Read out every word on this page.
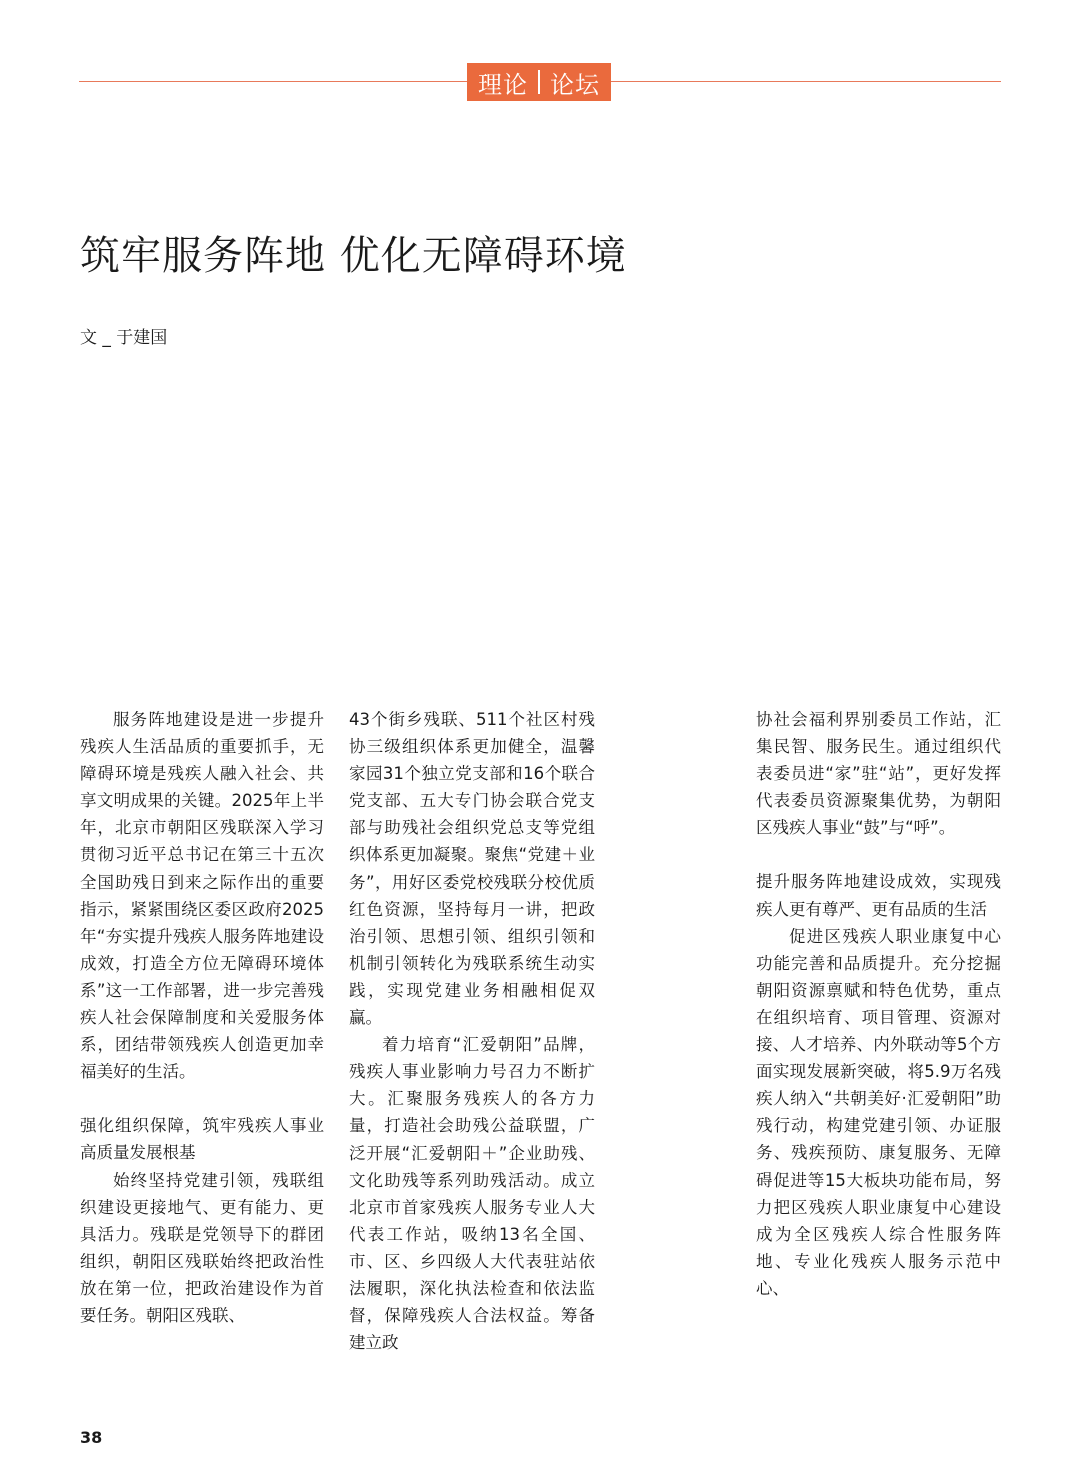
理论 论坛
筑牢服务阵地 优化无障碍环境
文 _ 于建国

服务阵地建设是进一步提升残疾人生活品质的重要抓手，无障碍环境是残疾人融入社会、共享文明成果的关键。2025年上半年，北京市朝阳区残联深入学习贯彻习近平总书记在第三十五次全国助残日到来之际作出的重要指示，紧紧围绕区委区政府2025年“夯实提升残疾人服务阵地建设成效，打造全方位无障碍环境体系”这一工作部署，进一步完善残疾人社会保障制度和关爱服务体系，团结带领残疾人创造更加幸福美好的生活。

强化组织保障，筑牢残疾人事业高质量发展根基

始终坚持党建引领，残联组织建设更接地气、更有能力、更具活力。残联是党领导下的群团组织，朝阳区残联始终把政治性放在第一位，把政治建设作为首要任务。朝阳区残联、

43个街乡残联、511个社区村残协三级组织体系更加健全，温馨家园31个独立党支部和16个联合党支部、五大专门协会联合党支部与助残社会组织党总支等党组织体系更加凝聚。聚焦“党建＋业务”，用好区委党校残联分校优质红色资源，坚持每月一讲，把政治引领、思想引领、组织引领和机制引领转化为残联系统生动实践，实现党建业务相融相促双赢。

着力培育“汇爱朝阳”品牌，残疾人事业影响力号召力不断扩大。汇聚服务残疾人的各方力量，打造社会助残公益联盟，广泛开展“汇爱朝阳＋”企业助残、文化助残等系列助残活动。成立北京市首家残疾人服务专业人大代表工作站，吸纳13名全国、市、区、乡四级人大代表驻站依法履职，深化执法检查和依法监督，保障残疾人合法权益。筹备建立政

协社会福利界别委员工作站，汇集民智、服务民生。通过组织代表委员进“家”驻“站”，更好发挥代表委员资源聚集优势，为朝阳区残疾人事业“鼓”与“呼”。

提升服务阵地建设成效，实现残疾人更有尊严、更有品质的生活

促进区残疾人职业康复中心功能完善和品质提升。充分挖掘朝阳资源禀赋和特色优势，重点在组织培育、项目管理、资源对接、人才培养、内外联动等5个方面实现发展新突破，将5.9万名残疾人纳入“共朝美好·汇爱朝阳”助残行动，构建党建引领、办证服务、残疾预防、康复服务、无障碍促进等15大板块功能布局，努力把区残疾人职业康复中心建设成为全区残疾人综合性服务阵地、专业化残疾人服务示范中心、

38
